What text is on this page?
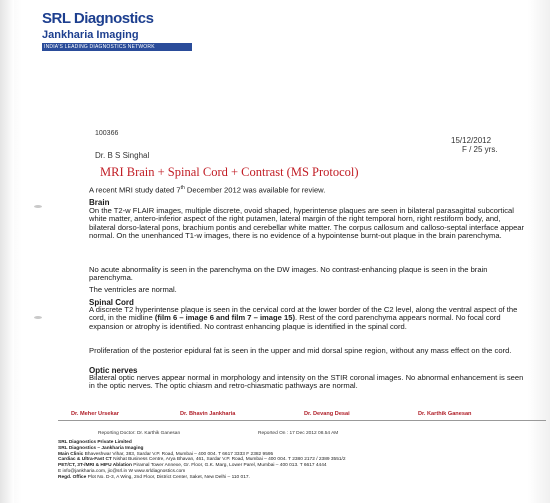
SRL Diagnostics
Jankharia Imaging
INDIA'S LEADING DIAGNOSTICS NETWORK
100366
15/12/2012
F / 25 yrs.
Dr. B S Singhal
MRI Brain + Spinal Cord + Contrast (MS Protocol)
A recent MRI study dated 7th December 2012 was available for review.
Brain
On the T2-w FLAIR images, multiple discrete, ovoid shaped, hyperintense plaques are seen in bilateral parasagittal subcortical white matter, antero-inferior aspect of the right putamen, lateral margin of the right temporal horn, right restiform body, and, bilateral dorso-lateral pons, brachium pontis and cerebellar white matter. The corpus callosum and calloso-septal interface appear normal. On the unenhanced T1-w images, there is no evidence of a hypointense burnt-out plaque in the brain parenchyma.
No acute abnormality is seen in the parenchyma on the DW images. No contrast-enhancing plaque is seen in the brain parenchyma.
The ventricles are normal.
Spinal Cord
A discrete T2 hyperintense plaque is seen in the cervical cord at the lower border of the C2 level, along the ventral aspect of the cord, in the midline (film 6 – image 6 and film 7 – image 15). Rest of the cord parenchyma appears normal. No focal cord expansion or atrophy is identified. No contrast enhancing plaque is identified in the spinal cord.
Proliferation of the posterior epidural fat is seen in the upper and mid dorsal spine region, without any mass effect on the cord.
Optic nerves
Bilateral optic nerves appear normal in morphology and intensity on the STIR coronal images. No abnormal enhancement is seen in the optic nerves. The optic chiasm and retro-chiasmatic pathways are normal.
Dr. Meher Ursekar	Dr. Bhavin Jankharia	Dr. Devang Desai	Dr. Karthik Ganesan
Reporting Doctor: Dr. Karthik Ganesan	Reported On : 17 Dec 2012 08.54 AM
SRL Diagnostics Private Limited
SRL Diagnostics – Jankharia Imaging
Main Clinic Bhaveshwar Vihar, 383, Sardar V.P. Road, Mumbai – 400 004. T 6617 3333 F 2382 9595
Cardiac & Ultra-Fast CT Nishat Business Centre, Arya Bhavan, 461, Sardar V.P. Road, Mumbai – 400 004. T 2380 2172 / 2389 3551/2
PET/CT, 3T-/MRI & HIFU Ablation Piramal Tower Annexe, Gr. Floor, G.K. Marg, Lower Parel, Mumbai – 400 013. T 6617 4444
E info@jankharia.com, jic@srl.in W www.srldiagnostics.com
Regd. Office Plot No. D-3, A Wing, 2nd Floor, District Center, Saket, New Delhi – 110 017.
